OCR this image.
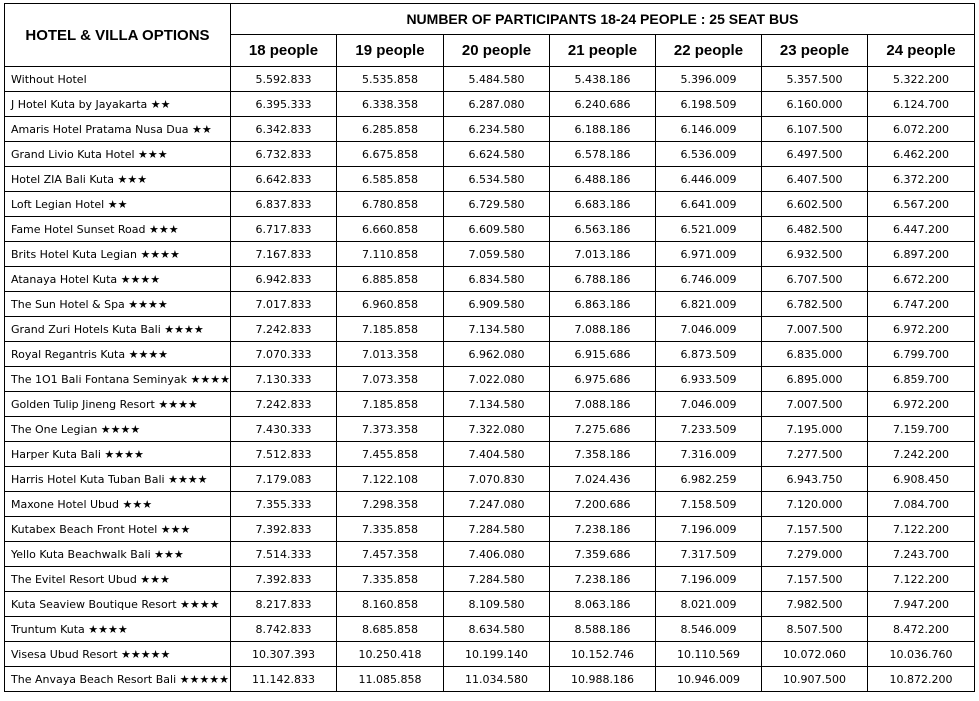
HOTEL & VILLA OPTIONS	NUMBER OF PARTICIPANTS 18-24 PEOPLE : 25 SEAT BUS						
	18 people	19 people	20 people	21 people	22 people	23 people	24 people
Without Hotel	5.592.833	5.535.858	5.484.580	5.438.186	5.396.009	5.357.500	5.322.200
J Hotel Kuta by Jayakarta ★★	6.395.333	6.338.358	6.287.080	6.240.686	6.198.509	6.160.000	6.124.700
Amaris Hotel Pratama Nusa Dua ★★	6.342.833	6.285.858	6.234.580	6.188.186	6.146.009	6.107.500	6.072.200
Grand Livio Kuta Hotel ★★★	6.732.833	6.675.858	6.624.580	6.578.186	6.536.009	6.497.500	6.462.200
Hotel ZIA Bali Kuta ★★★	6.642.833	6.585.858	6.534.580	6.488.186	6.446.009	6.407.500	6.372.200
Loft Legian Hotel ★★	6.837.833	6.780.858	6.729.580	6.683.186	6.641.009	6.602.500	6.567.200
Fame Hotel Sunset Road ★★★	6.717.833	6.660.858	6.609.580	6.563.186	6.521.009	6.482.500	6.447.200
Brits Hotel Kuta Legian ★★★★	7.167.833	7.110.858	7.059.580	7.013.186	6.971.009	6.932.500	6.897.200
Atanaya Hotel Kuta ★★★★	6.942.833	6.885.858	6.834.580	6.788.186	6.746.009	6.707.500	6.672.200
The Sun Hotel & Spa ★★★★	7.017.833	6.960.858	6.909.580	6.863.186	6.821.009	6.782.500	6.747.200
Grand Zuri Hotels Kuta Bali ★★★★	7.242.833	7.185.858	7.134.580	7.088.186	7.046.009	7.007.500	6.972.200
Royal Regantris Kuta ★★★★	7.070.333	7.013.358	6.962.080	6.915.686	6.873.509	6.835.000	6.799.700
The 1O1 Bali Fontana Seminyak ★★★★	7.130.333	7.073.358	7.022.080	6.975.686	6.933.509	6.895.000	6.859.700
Golden Tulip Jineng Resort ★★★★	7.242.833	7.185.858	7.134.580	7.088.186	7.046.009	7.007.500	6.972.200
The One Legian ★★★★	7.430.333	7.373.358	7.322.080	7.275.686	7.233.509	7.195.000	7.159.700
Harper Kuta Bali ★★★★	7.512.833	7.455.858	7.404.580	7.358.186	7.316.009	7.277.500	7.242.200
Harris Hotel Kuta Tuban Bali ★★★★	7.179.083	7.122.108	7.070.830	7.024.436	6.982.259	6.943.750	6.908.450
Maxone Hotel Ubud ★★★	7.355.333	7.298.358	7.247.080	7.200.686	7.158.509	7.120.000	7.084.700
Kutabex Beach Front Hotel ★★★	7.392.833	7.335.858	7.284.580	7.238.186	7.196.009	7.157.500	7.122.200
Yello Kuta Beachwalk Bali ★★★	7.514.333	7.457.358	7.406.080	7.359.686	7.317.509	7.279.000	7.243.700
The Evitel Resort Ubud ★★★	7.392.833	7.335.858	7.284.580	7.238.186	7.196.009	7.157.500	7.122.200
Kuta Seaview Boutique Resort ★★★★	8.217.833	8.160.858	8.109.580	8.063.186	8.021.009	7.982.500	7.947.200
Truntum Kuta ★★★★	8.742.833	8.685.858	8.634.580	8.588.186	8.546.009	8.507.500	8.472.200
Visesa Ubud Resort ★★★★★	10.307.393	10.250.418	10.199.140	10.152.746	10.110.569	10.072.060	10.036.760
The Anvaya Beach Resort Bali ★★★★★	11.142.833	11.085.858	11.034.580	10.988.186	10.946.009	10.907.500	10.872.200
